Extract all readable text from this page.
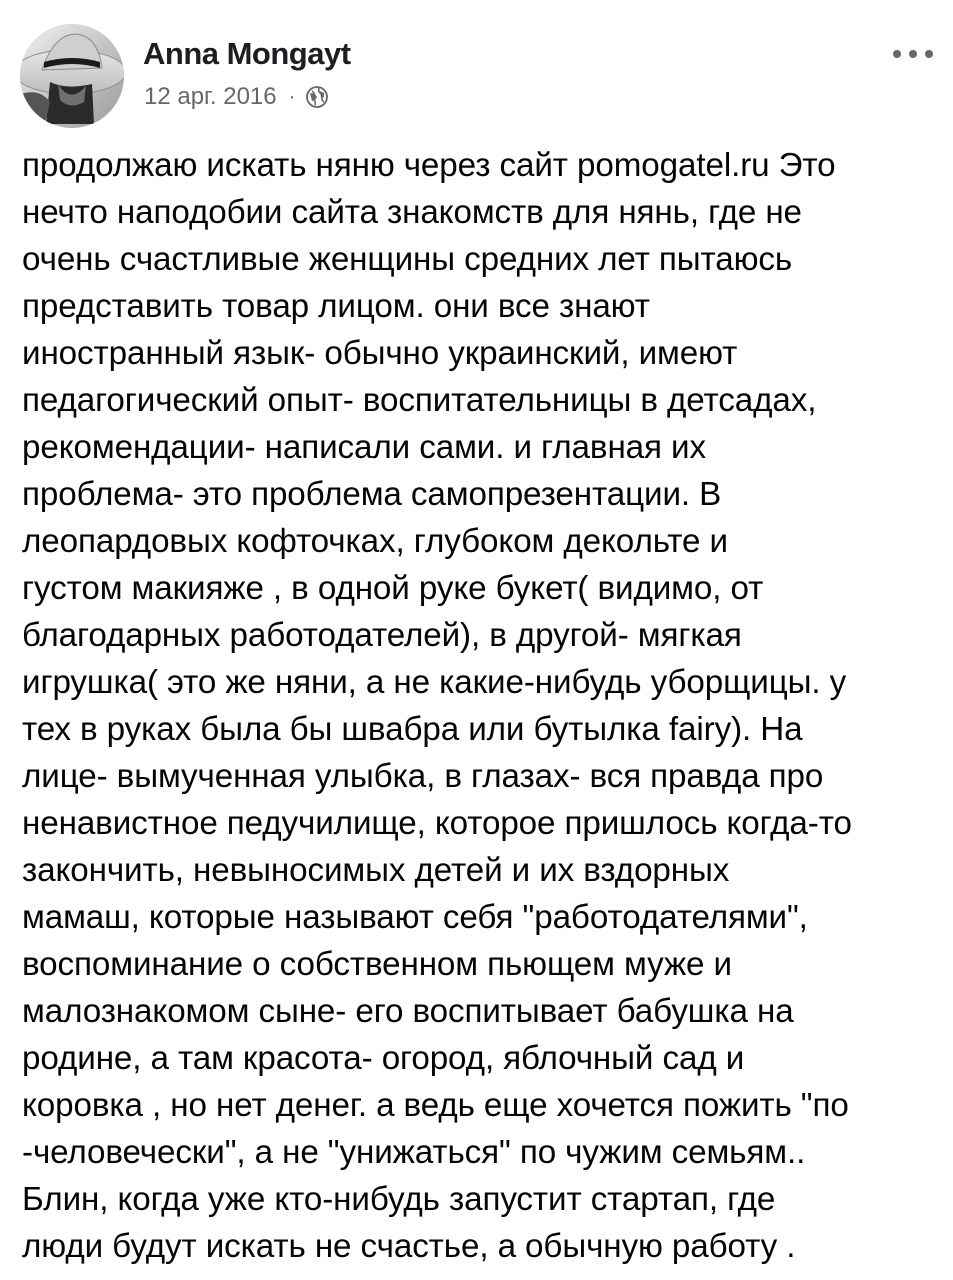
Anna Mongayt
12 арг. 2016 ·
продолжаю искать няню через сайт pomogatel.ru Это
нечто наподобии сайта знакомств для нянь, где не
очень счастливые женщины средних лет пытаюсь
представить товар лицом. они все знают
иностранный язык- обычно украинский, имеют
педагогический опыт- воспитательницы в детсадах,
рекомендации- написали сами. и главная их
проблема- это проблема самопрезентации. В
леопардовых кофточках, глубоком декольте и
густом макияже , в одной руке букет( видимо, от
благодарных работодателей), в другой- мягкая
игрушка( это же няни, а не какие-нибудь уборщицы. у
тех в руках была бы швабра или бутылка fairy). На
лице- вымученная улыбка, в глазах- вся правда про
ненавистное педучилище, которое пришлось когда-то
закончить, невыносимых детей и их вздорных
мамаш, которые называют себя "работодателями",
воспоминание о собственном пьющем муже и
малознакомом сыне- его воспитывает бабушка на
родине, а там красота- огород, яблочный сад и
коровка , но нет денег. а ведь еще хочется пожить "по
-человечески", а не "унижаться" по чужим семьям..
Блин, когда уже кто-нибудь запустит стартап, где
люди будут искать не счастье, а обычную работу .
